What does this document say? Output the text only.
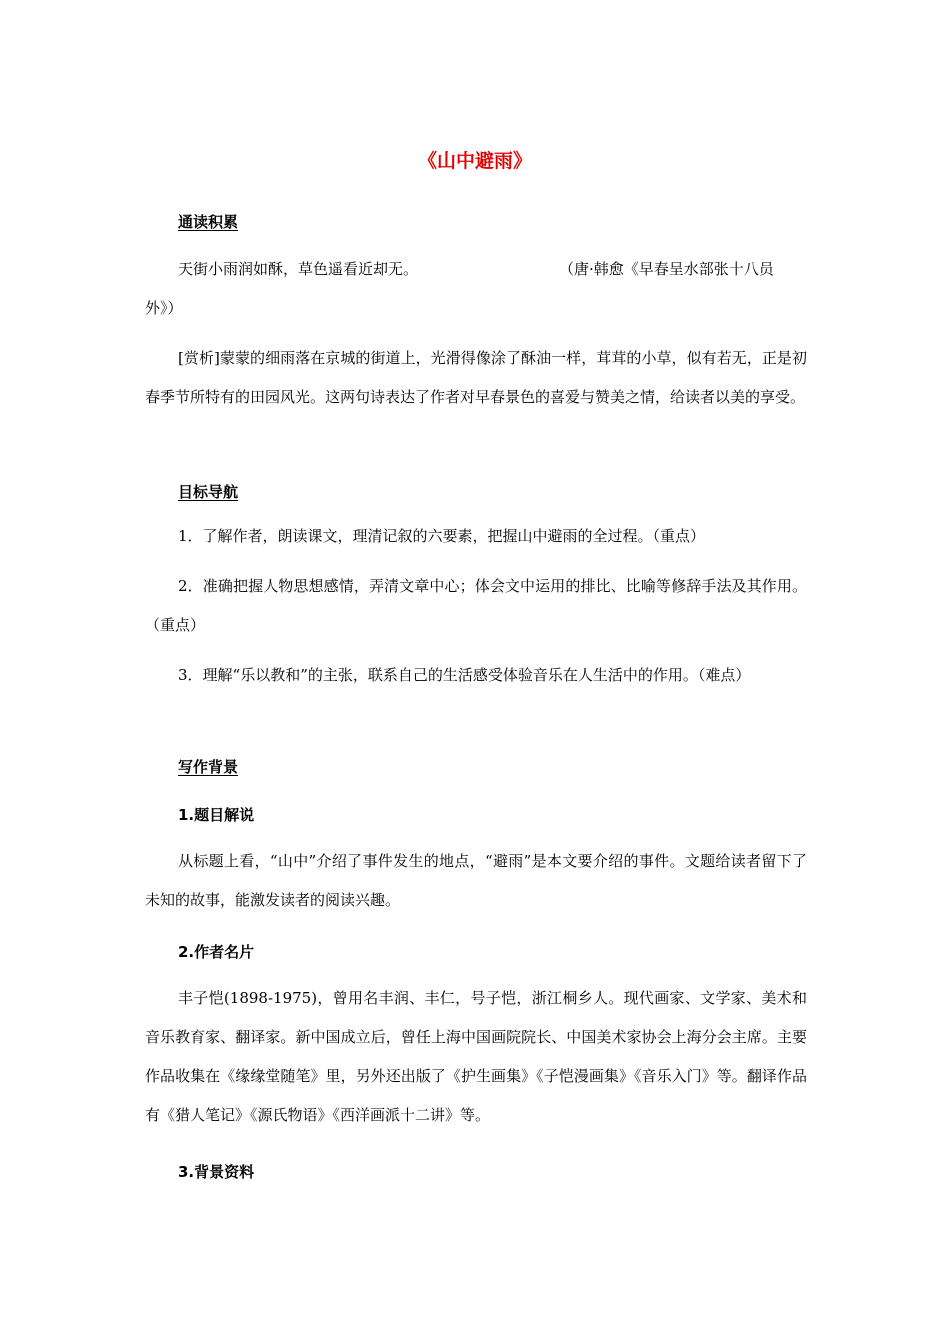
《山中避雨》
通读积累
天街小雨润如酥，草色遥看近却无。	（唐·韩愈《早春呈水部张十八员
外》）
[赏析]蒙蒙的细雨落在京城的街道上，光滑得像涂了酥油一样，茸茸的小草，似有若无，正是初春季节所特有的田园风光。这两句诗表达了作者对早春景色的喜爱与赞美之情，给读者以美的享受。
目标导航
1．了解作者，朗读课文，理清记叙的六要素，把握山中避雨的全过程。（重点）
2．准确把握人物思想感情，弄清文章中心；体会文中运用的排比、比喻等修辞手法及其作用。（重点）
3．理解“乐以教和”的主张，联系自己的生活感受体验音乐在人生活中的作用。（难点）
写作背景
1.题目解说
从标题上看，“山中”介绍了事件发生的地点，“避雨”是本文要介绍的事件。文题给读者留下了未知的故事，能激发读者的阅读兴趣。
2.作者名片
丰子恺(1898-1975)，曾用名丰润、丰仁，号子恺，浙江桐乡人。现代画家、文学家、美术和音乐教育家、翻译家。新中国成立后，曾任上海中国画院院长、中国美术家协会上海分会主席。主要作品收集在《缘缘堂随笔》里，另外还出版了《护生画集》《子恺漫画集》《音乐入门》等。翻译作品有《猎人笔记》《源氏物语》《西洋画派十二讲》等。
3.背景资料
